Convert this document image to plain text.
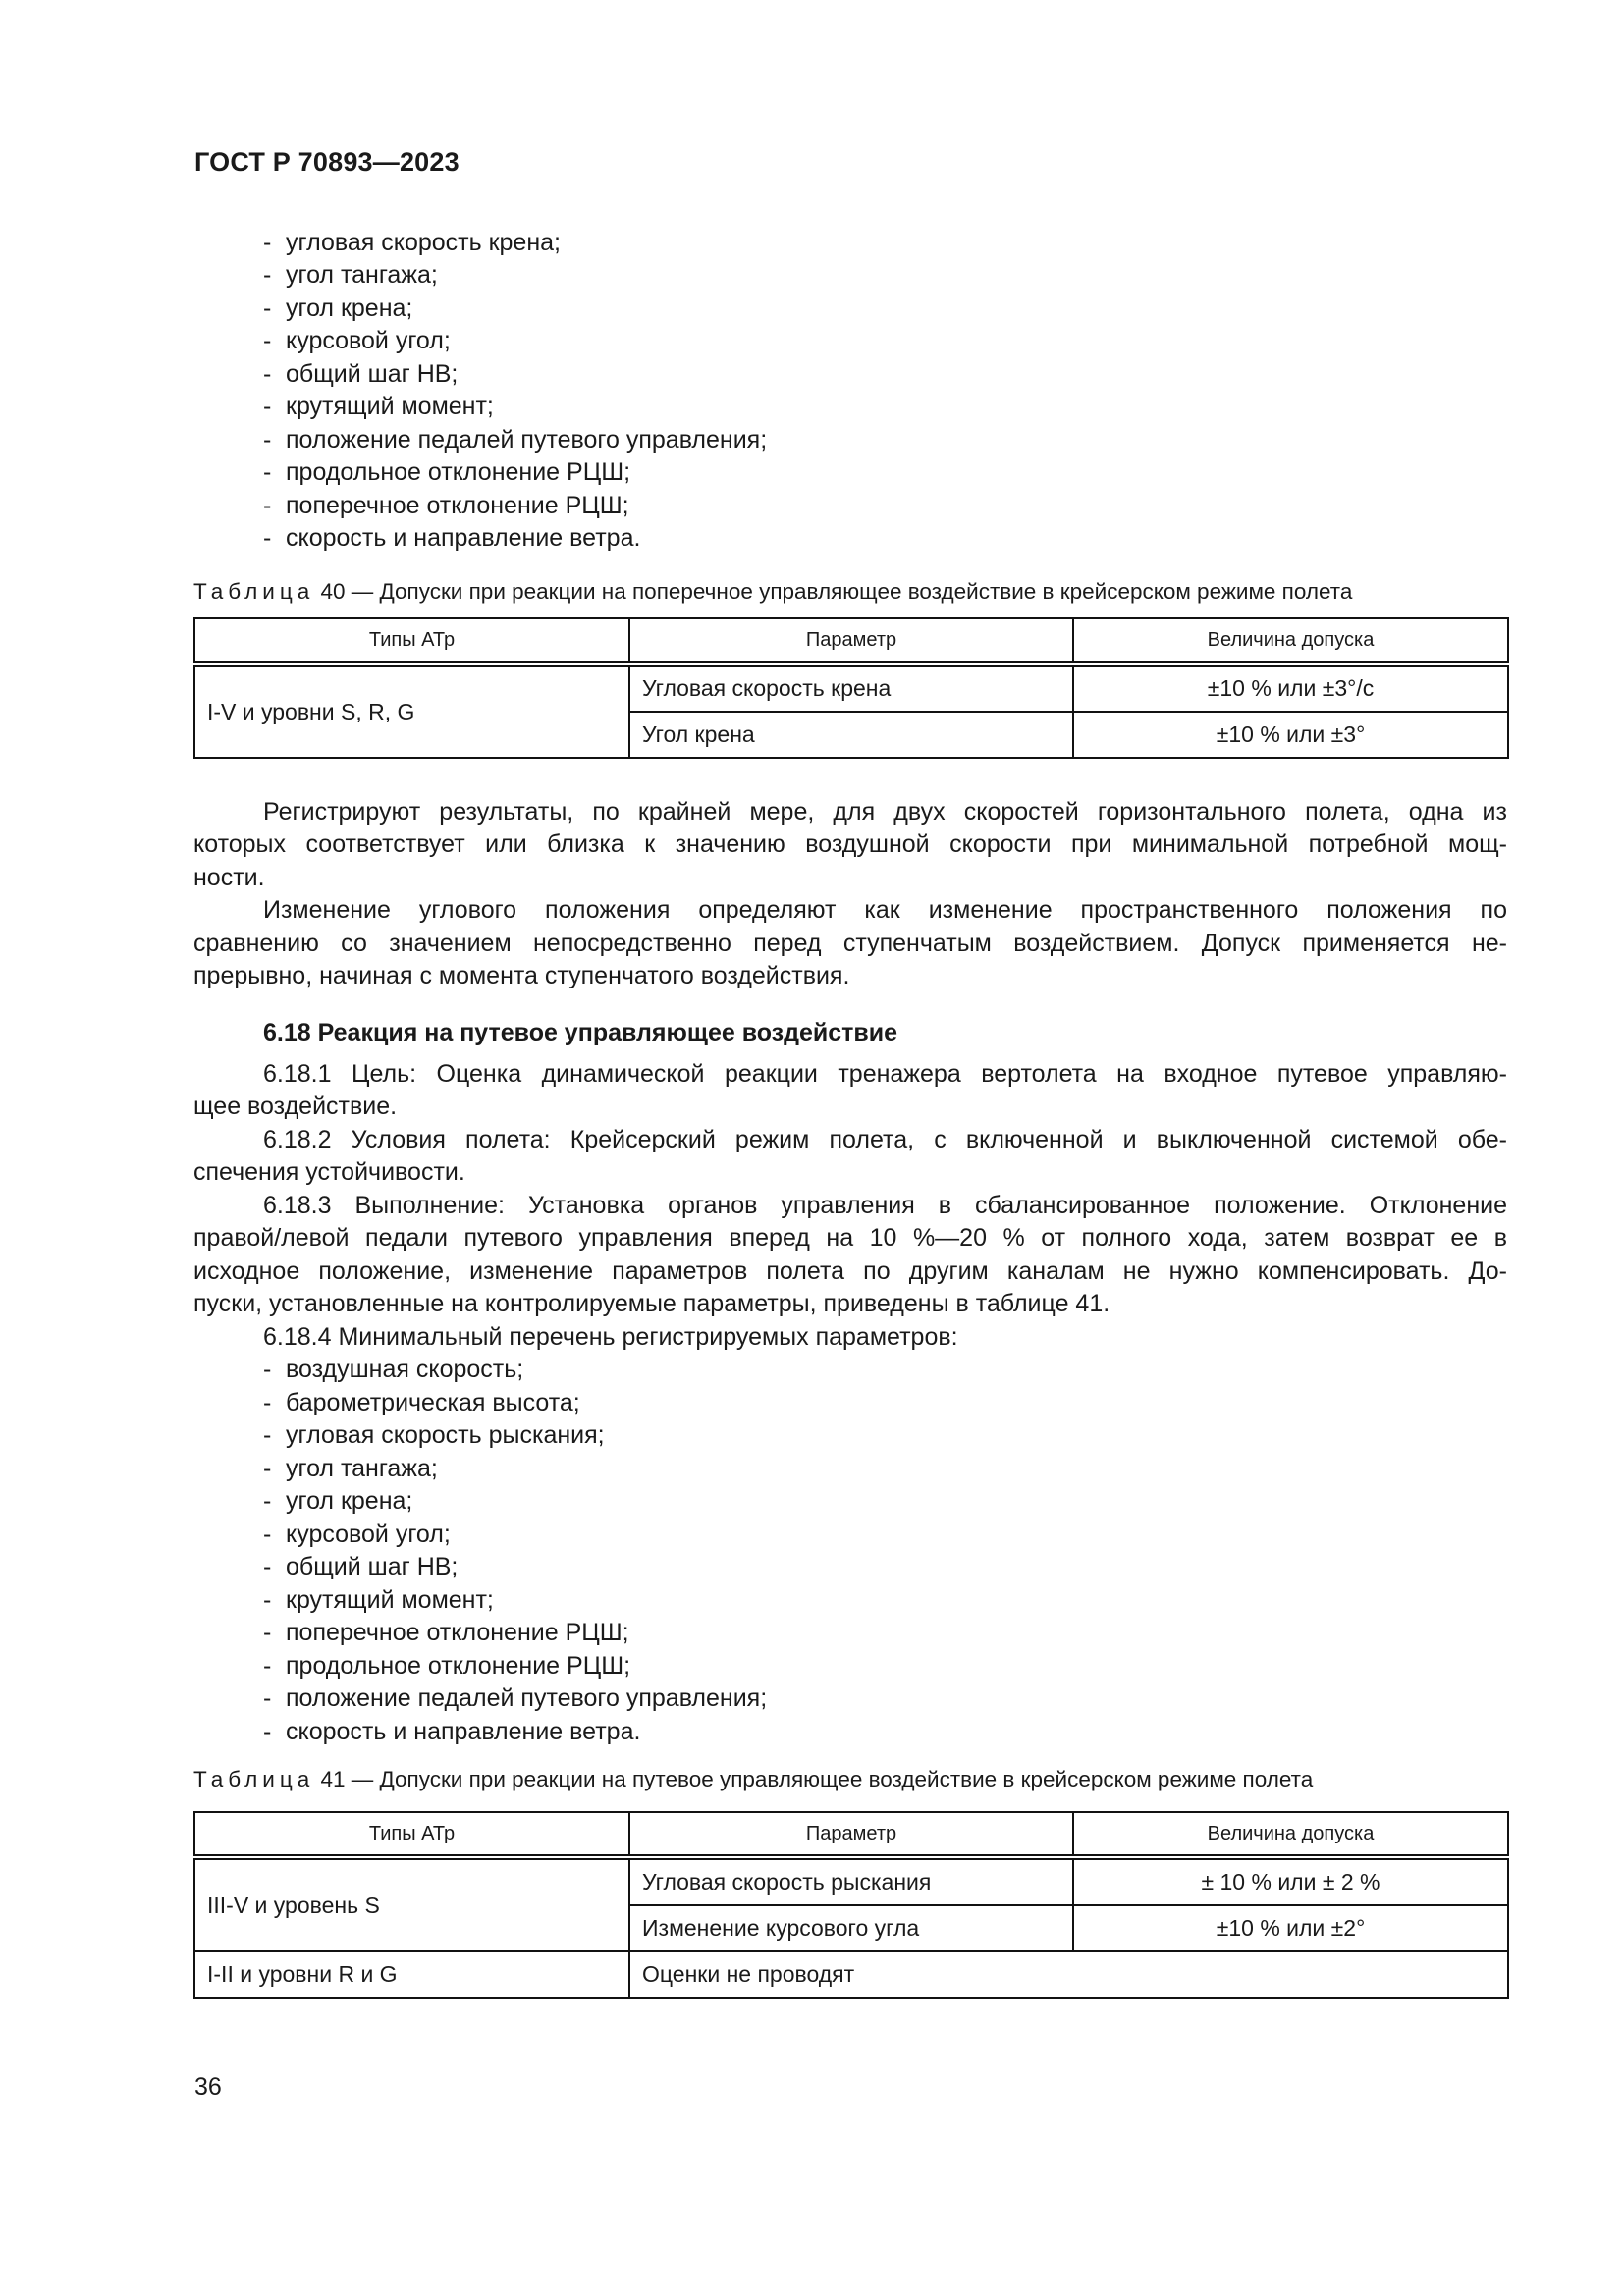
ГОСТ Р 70893—2023
- угловая скорость крена;
- угол тангажа;
- угол крена;
- курсовой угол;
- общий шаг НВ;
- крутящий момент;
- положение педалей путевого управления;
- продольное отклонение РЦШ;
- поперечное отклонение РЦШ;
- скорость и направление ветра.
Таблица 40 — Допуски при реакции на поперечное управляющее воздействие в крейсерском режиме полета
Типы АТр	Параметр	Величина допуска
I-V и уровни S, R, G	Угловая скорость крена	±10 % или ±3°/с
	Угол крена	±10 % или ±3°
Регистрируют результаты, по крайней мере, для двух скоростей горизонтального полета, одна из
которых соответствует или близка к значению воздушной скорости при минимальной потребной мощ-
ности.
Изменение углового положения определяют как изменение пространственного положения по
сравнению со значением непосредственно перед ступенчатым воздействием. Допуск применяется не-
прерывно, начиная с момента ступенчатого воздействия.
6.18 Реакция на путевое управляющее воздействие
6.18.1 Цель: Оценка динамической реакции тренажера вертолета на входное путевое управляю-
щее воздействие.
6.18.2 Условия полета: Крейсерский режим полета, с включенной и выключенной системой обе-
спечения устойчивости.
6.18.3 Выполнение: Установка органов управления в сбалансированное положение. Отклонение
правой/левой педали путевого управления вперед на 10 %—20 % от полного хода, затем возврат ее в
исходное положение, изменение параметров полета по другим каналам не нужно компенсировать. До-
пуски, установленные на контролируемые параметры, приведены в таблице 41.
6.18.4 Минимальный перечень регистрируемых параметров:
- воздушная скорость;
- барометрическая высота;
- угловая скорость рыскания;
- угол тангажа;
- угол крена;
- курсовой угол;
- общий шаг НВ;
- крутящий момент;
- поперечное отклонение РЦШ;
- продольное отклонение РЦШ;
- положение педалей путевого управления;
- скорость и направление ветра.
Таблица 41 — Допуски при реакции на путевое управляющее воздействие в крейсерском режиме полета
Типы АТр	Параметр	Величина допуска
III-V и уровень S	Угловая скорость рыскания	± 10 % или ± 2 %
	Изменение курсового угла	±10 % или ±2°
I-II и уровни R и G	Оценки не проводят	
36
